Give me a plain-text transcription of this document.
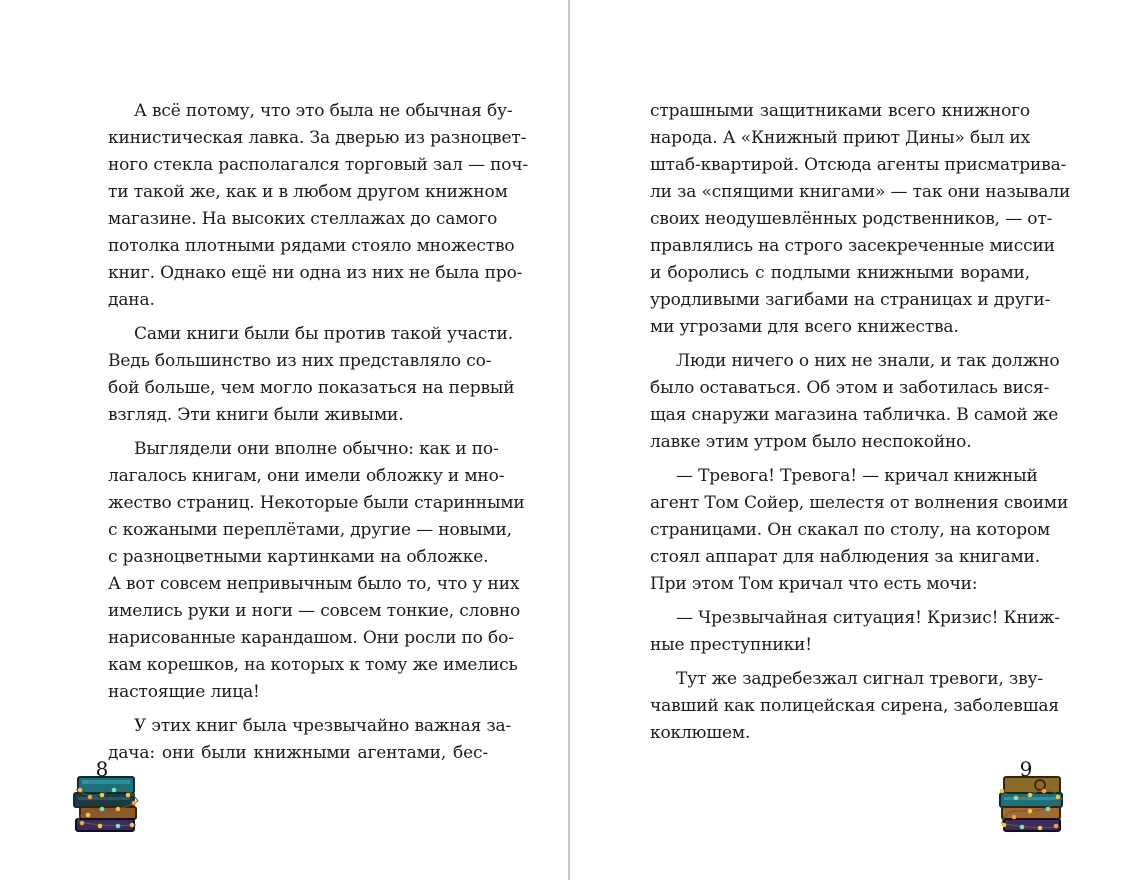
А всё потому, что это была не обычная бу-
кинистическая лавка. За дверью из разноцвет-
ного стекла располагался торговый зал — поч-
ти такой же, как и в любом другом книжном
магазине. На высоких стеллажах до самого
потолка плотными рядами стояло множество
книг. Однако ещё ни одна из них не была про-
дана.
Сами книги были бы против такой участи.
Ведь большинство из них представляло со-
бой больше, чем могло показаться на первый
взгляд. Эти книги были живыми.
Выглядели они вполне обычно: как и по-
лагалось книгам, они имели обложку и мно-
жество страниц. Некоторые были старинными
с кожаными переплётами, другие — новыми,
с разноцветными картинками на обложке.
А вот совсем непривычным было то, что у них
имелись руки и ноги — совсем тонкие, словно
нарисованные карандашом. Они росли по бо-
кам корешков, на которых к тому же имелись
настоящие лица!
У этих книг была чрезвычайно важная за-
дача: они были книжными агентами, бес-
страшными защитниками всего книжного
народа. А «Книжный приют Дины» был их
штаб-квартирой. Отсюда агенты присматрива-
ли за «спящими книгами» — так они называли
своих неодушевлённых родственников, — от-
правлялись на строго засекреченные миссии
и боролись с подлыми книжными ворами,
уродливыми загибами на страницах и други-
ми угрозами для всего книжества.
Люди ничего о них не знали, и так должно
было оставаться. Об этом и заботилась вися-
щая снаружи магазина табличка. В самой же
лавке этим утром было неспокойно.
— Тревога! Тревога! — кричал книжный
агент Том Сойер, шелестя от волнения своими
страницами. Он скакал по столу, на котором
стоял аппарат для наблюдения за книгами.
При этом Том кричал что есть мочи:
— Чрезвычайная ситуация! Кризис! Книж-
ные преступники!
Тут же задребезжал сигнал тревоги, зву-
чавший как полицейская сирена, заболевшая
коклюшем.
8	9
